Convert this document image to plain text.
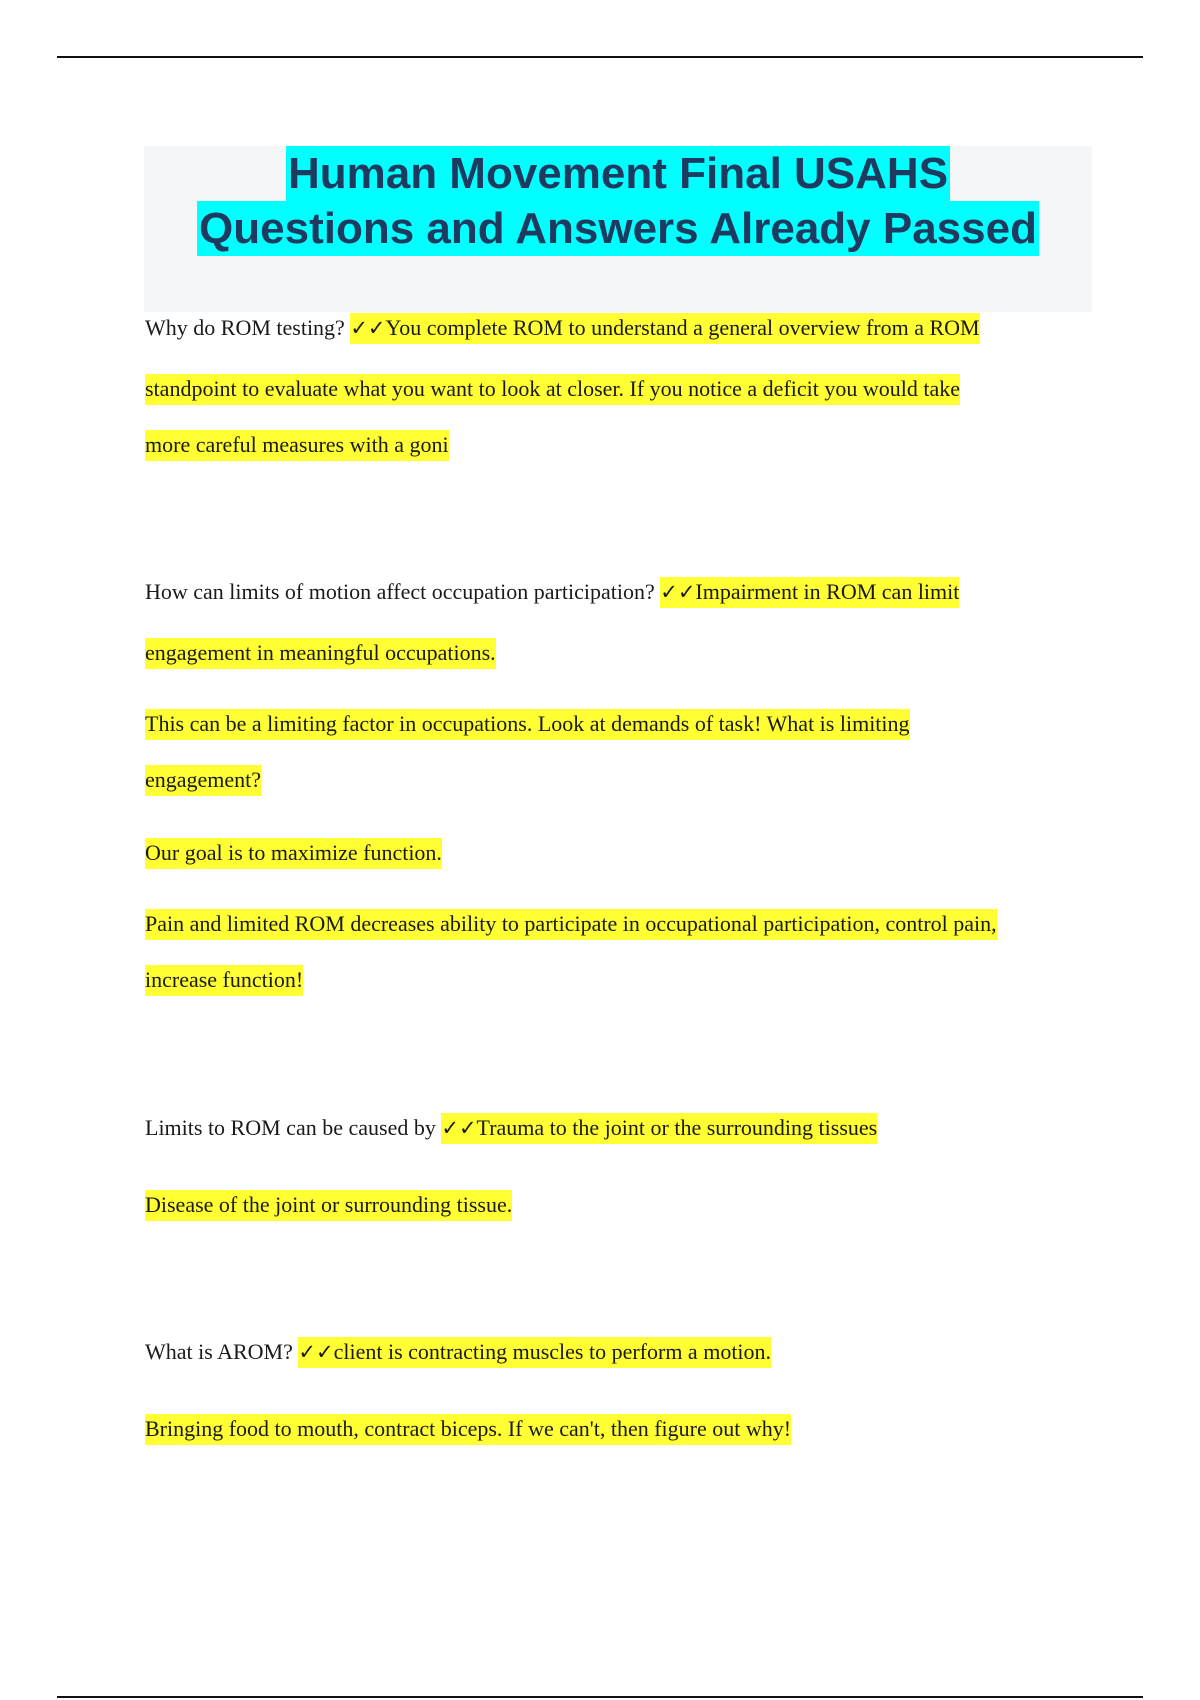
Human Movement Final USAHS
Questions and Answers Already Passed
Why do ROM testing? ✓✓You complete ROM to understand a general overview from a ROM
standpoint to evaluate what you want to look at closer. If you notice a deficit you would take
more careful measures with a goni
How can limits of motion affect occupation participation? ✓✓Impairment in ROM can limit
engagement in meaningful occupations.
This can be a limiting factor in occupations. Look at demands of task! What is limiting
engagement?
Our goal is to maximize function.
Pain and limited ROM decreases ability to participate in occupational participation, control pain,
increase function!
Limits to ROM can be caused by ✓✓Trauma to the joint or the surrounding tissues
Disease of the joint or surrounding tissue.
What is AROM? ✓✓client is contracting muscles to perform a motion.
Bringing food to mouth, contract biceps. If we can't, then figure out why!
